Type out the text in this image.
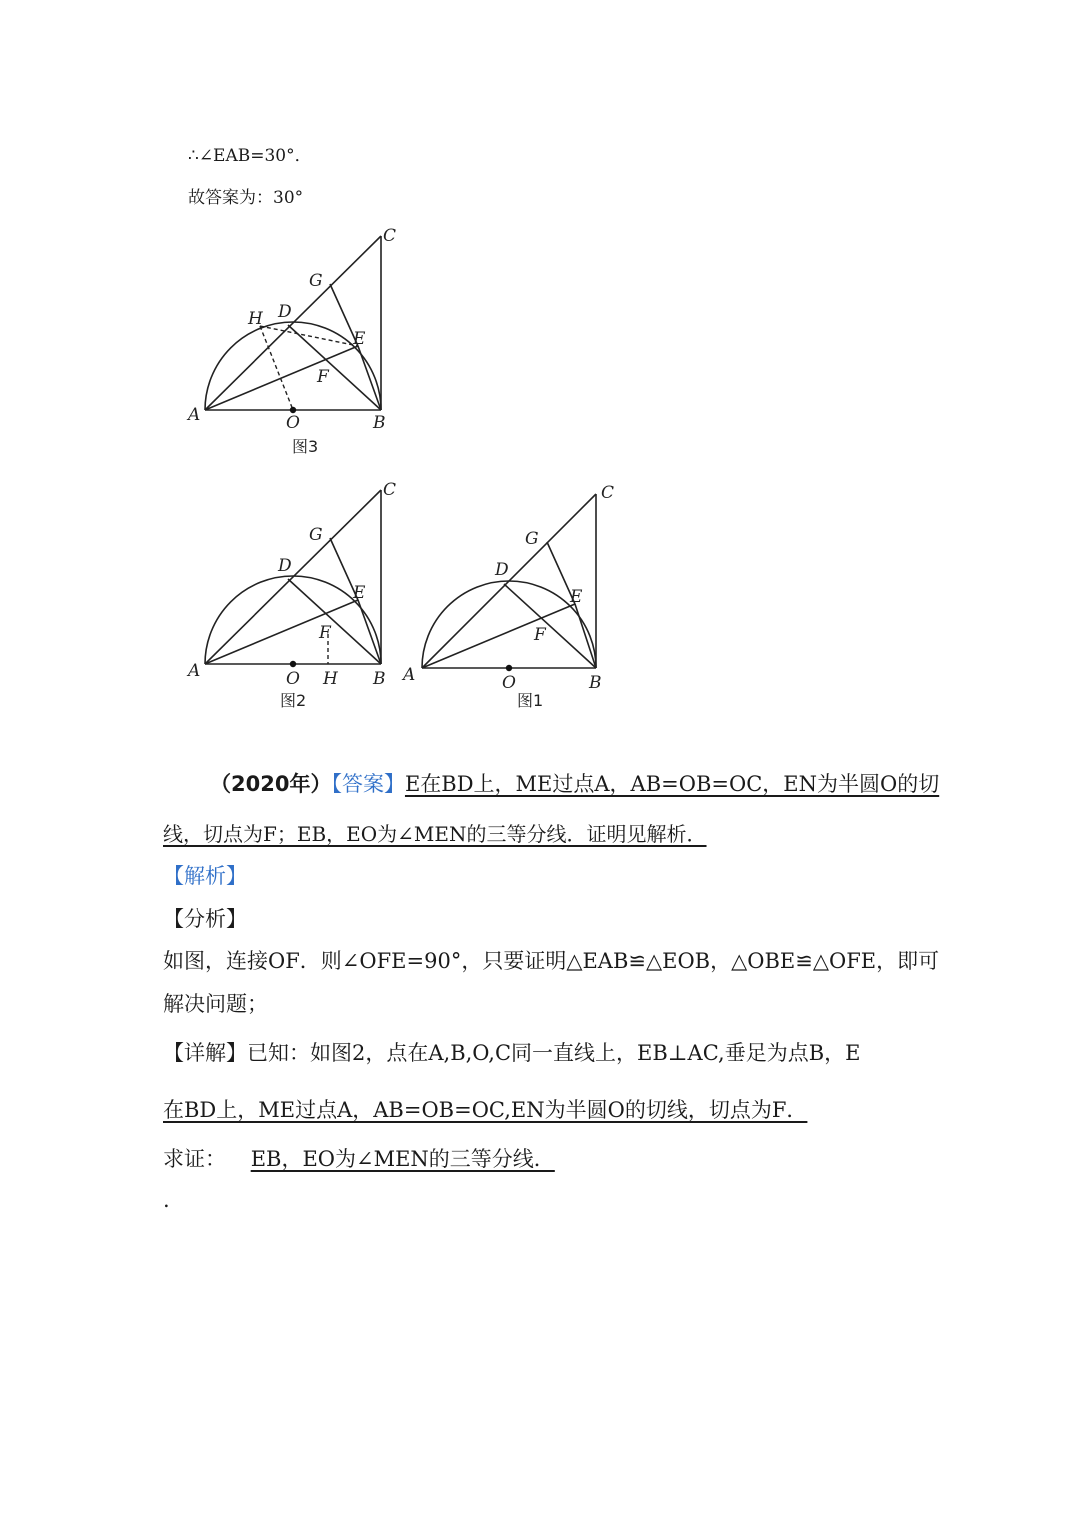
∴∠EAB=30°．
故答案为：30°
C
G
D
H
E
F
A	O	B
图3
C
G
D
E
F
A	O H B
图2
C
G
D
E
F
A	O	B
图1
（2020年）【答案】E在BD上，ME过点A，AB=OB=OC，EN为半圆O的切
线，切点为F；EB，EO为∠MEN的三等分线．证明见解析．
【解析】
【分析】
如图，连接OF．则∠OFE=90°，只要证明△EAB≌△EOB，△OBE≌△OFE，即可
解决问题；
【详解】已知：如图2，点在A,B,O,C同一直线上，EB⊥AC,垂足为点B，E
在BD上，ME过点A，AB=OB=OC,EN为半圆O的切线，切点为F．
求证： EB，EO为∠MEN的三等分线．
.
